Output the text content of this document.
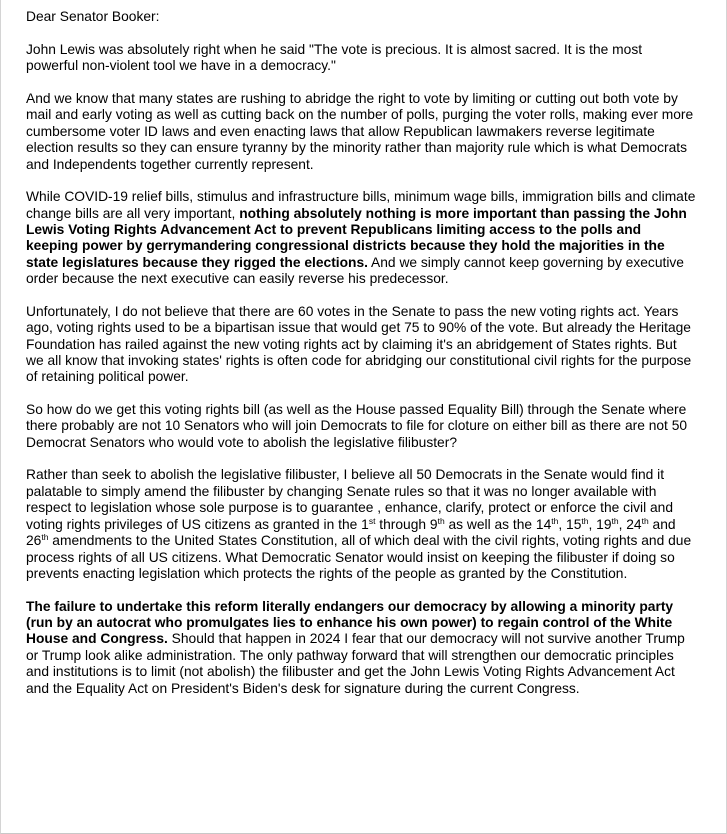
Dear Senator Booker:

John Lewis was absolutely right when he said "The vote is precious. It is almost sacred. It is the most powerful non-violent tool we have in a democracy."

And we know that many states are rushing to abridge the right to vote by limiting or cutting out both vote by mail and early voting as well as cutting back on the number of polls, purging the voter rolls, making ever more cumbersome voter ID laws and even enacting laws that allow Republican lawmakers reverse legitimate election results so they can ensure tyranny by the minority rather than majority rule which is what Democrats and Independents together currently represent.

While COVID-19 relief bills, stimulus and infrastructure bills, minimum wage bills, immigration bills and climate change bills are all very important, nothing absolutely nothing is more important than passing the John Lewis Voting Rights Advancement Act to prevent Republicans limiting access to the polls and keeping power by gerrymandering congressional districts because they hold the majorities in the state legislatures because they rigged the elections. And we simply cannot keep governing by executive order because the next executive can easily reverse his predecessor.

Unfortunately, I do not believe that there are 60 votes in the Senate to pass the new voting rights act. Years ago, voting rights used to be a bipartisan issue that would get 75 to 90% of the vote. But already the Heritage Foundation has railed against the new voting rights act by claiming it's an abridgement of States rights. But we all know that invoking states' rights is often code for abridging our constitutional civil rights for the purpose of retaining political power.

So how do we get this voting rights bill (as well as the House passed Equality Bill) through the Senate where there probably are not 10 Senators who will join Democrats to file for cloture on either bill as there are not 50 Democrat Senators who would vote to abolish the legislative filibuster?

Rather than seek to abolish the legislative filibuster, I believe all 50 Democrats in the Senate would find it palatable to simply amend the filibuster by changing Senate rules so that it was no longer available with respect to legislation whose sole purpose is to guarantee , enhance, clarify, protect or enforce the civil and voting rights privileges of US citizens as granted in the 1st through 9th as well as the 14th, 15th, 19th, 24th and 26th amendments to the United States Constitution, all of which deal with the civil rights, voting rights and due process rights of all US citizens. What Democratic Senator would insist on keeping the filibuster if doing so prevents enacting legislation which protects the rights of the people as granted by the Constitution.

The failure to undertake this reform literally endangers our democracy by allowing a minority party (run by an autocrat who promulgates lies to enhance his own power) to regain control of the White House and Congress. Should that happen in 2024 I fear that our democracy will not survive another Trump or Trump look alike administration. The only pathway forward that will strengthen our democratic principles and institutions is to limit (not abolish) the filibuster and get the John Lewis Voting Rights Advancement Act and the Equality Act on President's Biden's desk for signature during the current Congress.
